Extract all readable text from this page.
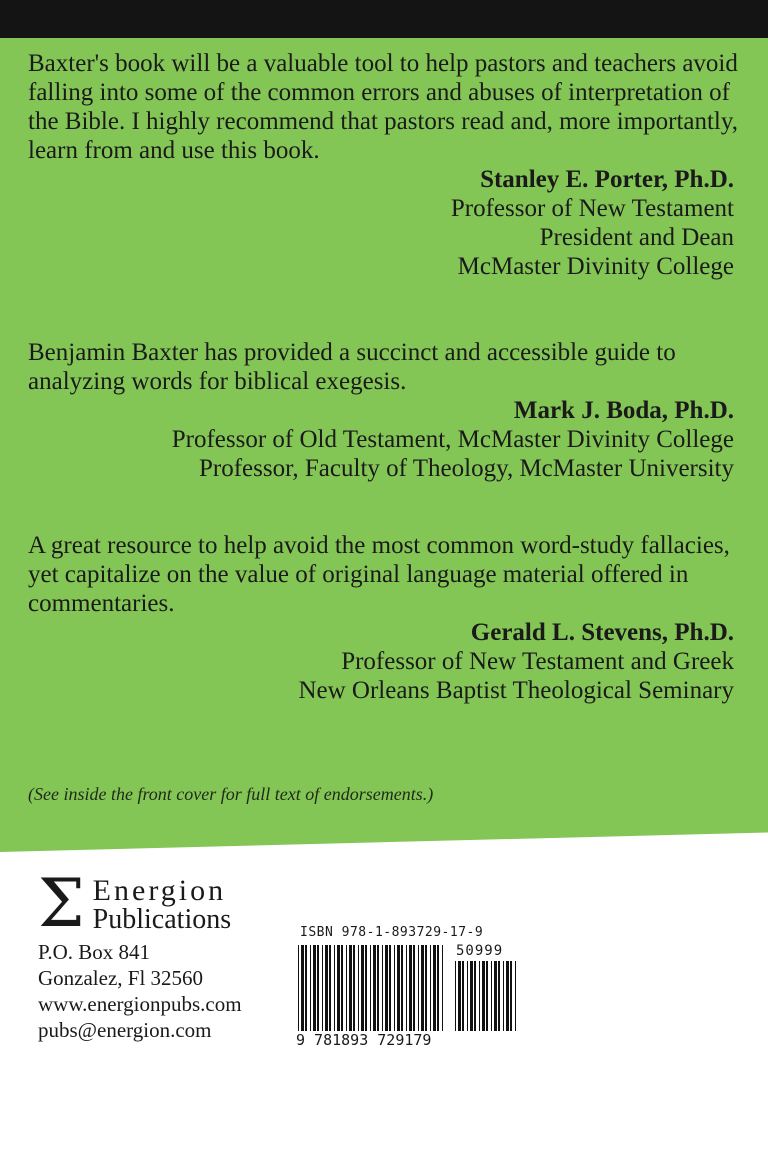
Baxter's book will be a valuable tool to help pastors and teachers avoid falling into some of the common errors and abuses of interpretation of the Bible. I highly recommend that pastors read and, more importantly, learn from and use this book.

Stanley E. Porter, Ph.D.
Professor of New Testament
President and Dean
McMaster Divinity College

Benjamin Baxter has provided a succinct and accessible guide to analyzing words for biblical exegesis.

Mark J. Boda, Ph.D.
Professor of Old Testament, McMaster Divinity College
Professor, Faculty of Theology, McMaster University

A great resource to help avoid the most common word-study fallacies, yet capitalize on the value of original language material offered in commentaries.

Gerald L. Stevens, Ph.D.
Professor of New Testament and Greek
New Orleans Baptist Theological Seminary
(See inside the front cover for full text of endorsements.)
Σ Energion
Publications
P.O. Box 841
Gonzalez, Fl 32560
www.energionpubs.com
pubs@energion.com
ISBN 978-1-893729-17-9
50999
9 781893 729179
